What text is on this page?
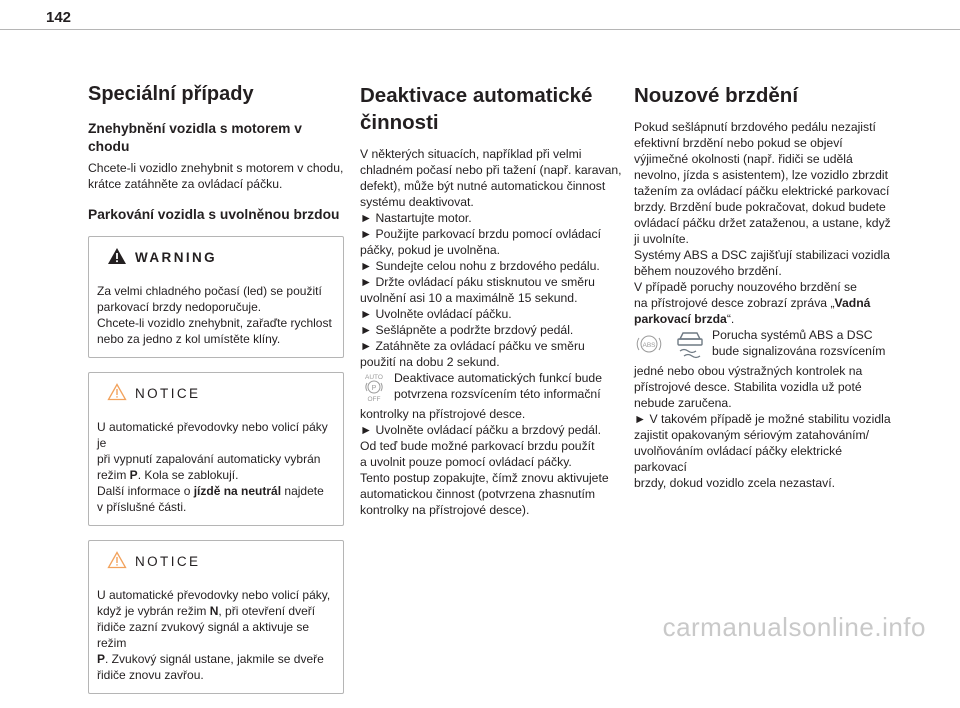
142
Speciální případy
Znehybnění vozidla s motorem v chodu

Chcete-li vozidlo znehybnit s motorem v chodu, krátce zatáhněte za ovládací páčku.

Parkování vozidla s uvolněnou brzdou
WARNING

Za velmi chladného počasí (led) se použití

parkovací brzdy nedoporučuje.

Chcete-li vozidlo znehybnit, zařaďte rychlost

nebo za jedno z kol umístěte klíny.

NOTICE

U automatické převodovky nebo volicí páky je

při vypnutí zapalování automaticky vybrán

režim P. Kola se zablokují.

Další informace o jízdě na neutrál najdete

v příslušné části.

NOTICE

U automatické převodovky nebo volicí páky,

když je vybrán režim N, při otevření dveří

řidiče zazní zvukový signál a aktivuje se režim

P. Zvukový signál ustane, jakmile se dveře

řidiče znovu zavřou.

Deaktivace automatické
činnosti

V některých situacích, například při velmi

chladném počasí nebo při tažení (např. karavan,

defekt), může být nutné automatickou činnost

systému deaktivovat.

► Nastartujte motor.

► Použijte parkovací brzdu pomocí ovládací

páčky, pokud je uvolněna.

► Sundejte celou nohu z brzdového pedálu.

► Držte ovládací páku stisknutou ve směru

uvolnění asi 10 a maximálně 15 sekund.

► Uvolněte ovládací páčku.

► Sešlápněte a podržte brzdový pedál.

► Zatáhněte za ovládací páčku ve směru

použití na dobu 2 sekund.

AUTO
P
OFF

Deaktivace automatických funkcí bude

potvrzena rozsvícením této informační

kontrolky na přístrojové desce.

► Uvolněte ovládací páčku a brzdový pedál.

Od teď bude možné parkovací brzdu použít

a uvolnit pouze pomocí ovládací páčky.

Tento postup zopakujte, čímž znovu aktivujete

automatickou činnost (potvrzena zhasnutím

kontrolky na přístrojové desce).

Nouzové brzdění

Pokud sešlápnutí brzdového pedálu nezajistí

efektivní brzdění nebo pokud se objeví

výjimečné okolnosti (např. řidiči se udělá

nevolno, jízda s asistentem), lze vozidlo zbrzdit

tažením za ovládací páčku elektrické parkovací

brzdy. Brzdění bude pokračovat, dokud budete

ovládací páčku držet zataženou, a ustane, když

ji uvolníte.

Systémy ABS a DSC zajišťují stabilizaci vozidla

během nouzového brzdění.

V případě poruchy nouzového brzdění se

na přístrojové desce zobrazí zpráva „Vadná

parkovací brzda“.

ABS

Porucha systémů ABS a DSC

bude signalizována rozsvícením

jedné nebo obou výstražných kontrolek na

přístrojové desce. Stabilita vozidla už poté

nebude zaručena.

► V takovém případě je možné stabilitu vozidla

zajistit opakovaným sériovým zatahováním/

uvolňováním ovládací páčky elektrické parkovací

brzdy, dokud vozidlo zcela nezastaví.

carmanualsonline.info
